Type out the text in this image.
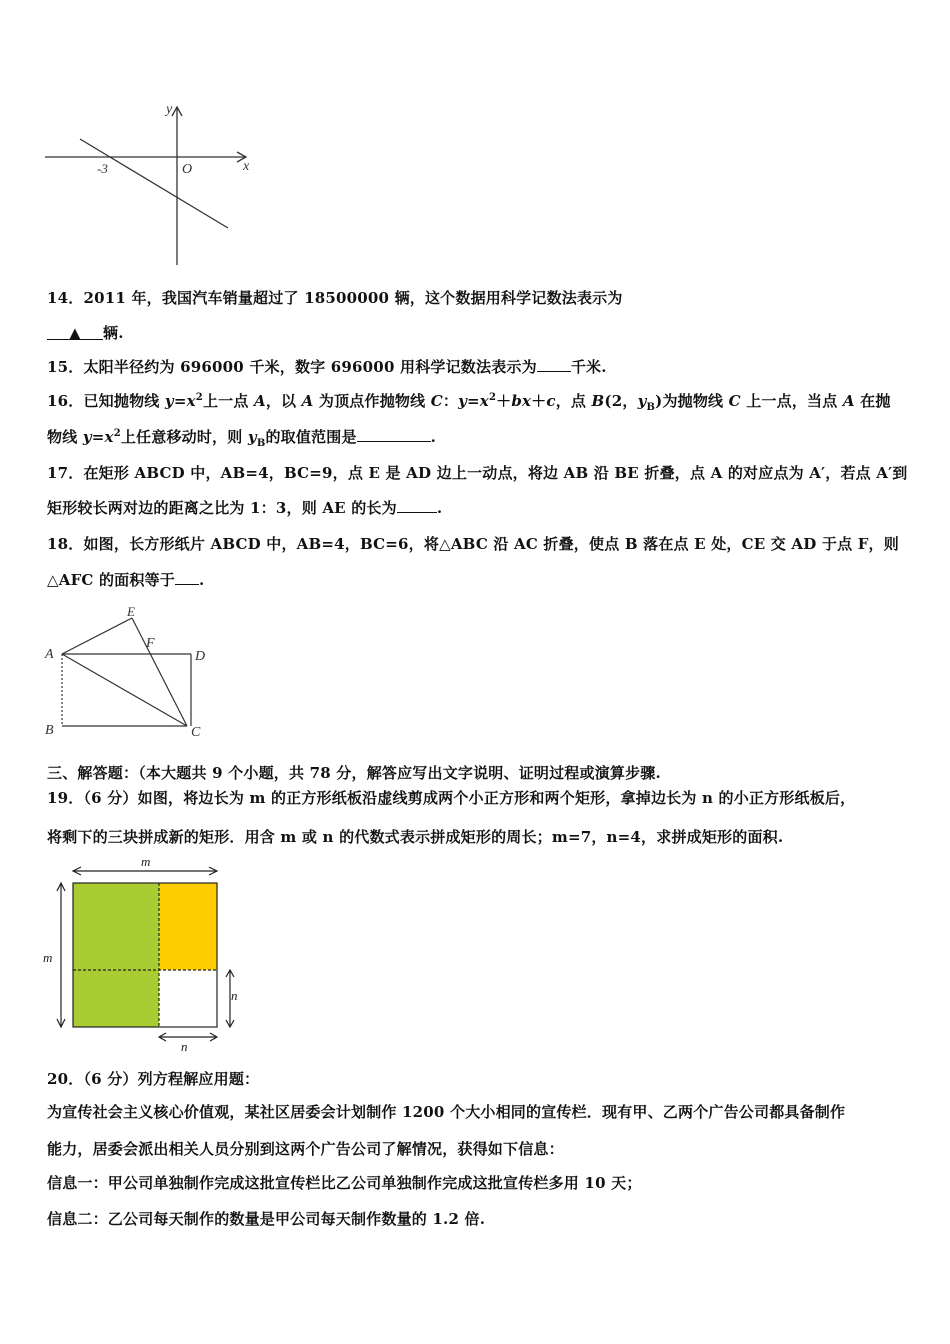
y
x
O
-3
14．2011 年，我国汽车销量超过了 18500000 辆，这个数据用科学记数法表示为
▲ 辆.
15．太阳半径约为 696000 千米，数字 696000 用科学记数法表示为 千米.
16．已知抛物线 $y=x^2$上一点 A，以 A 为顶点作抛物线 C：$y=x^2+bx+c$，点 B(2，$y_B$)为抛物线 C 上一点，当点 A 在抛
物线 $y=x^2$上任意移动时，则 $y_B$的取值范围是	.
17．在矩形 ABCD 中，AB=4，BC=9，点 E 是 AD 边上一动点，将边 AB 沿 BE 折叠，点 A 的对应点为 A′，若点 A′到
矩形较长两对边的距离之比为 1：3，则 AE 的长为	.
18．如图，长方形纸片 ABCD 中，AB=4，BC=6，将△ABC 沿 AC 折叠，使点 B 落在点 E 处，CE 交 AD 于点 F，则
△AFC 的面积等于 .
A
E
F
D
B	C
三、解答题：（本大题共 9 个小题，共 78 分，解答应写出文字说明、证明过程或演算步骤.
19．（6 分）如图，将边长为 m 的正方形纸板沿虚线剪成两个小正方形和两个矩形，拿掉边长为 n 的小正方形纸板后，
将剩下的三块拼成新的矩形．用含 m 或 n 的代数式表示拼成矩形的周长；m=7，n=4，求拼成矩形的面积.
m
m
n
n
20．（6 分）列方程解应用题：
为宣传社会主义核心价值观，某社区居委会计划制作 1200 个大小相同的宣传栏．现有甲、乙两个广告公司都具备制作
能力，居委会派出相关人员分别到这两个广告公司了解情况，获得如下信息：
信息一：甲公司单独制作完成这批宣传栏比乙公司单独制作完成这批宣传栏多用 10 天；
信息二：乙公司每天制作的数量是甲公司每天制作数量的 1.2 倍.
